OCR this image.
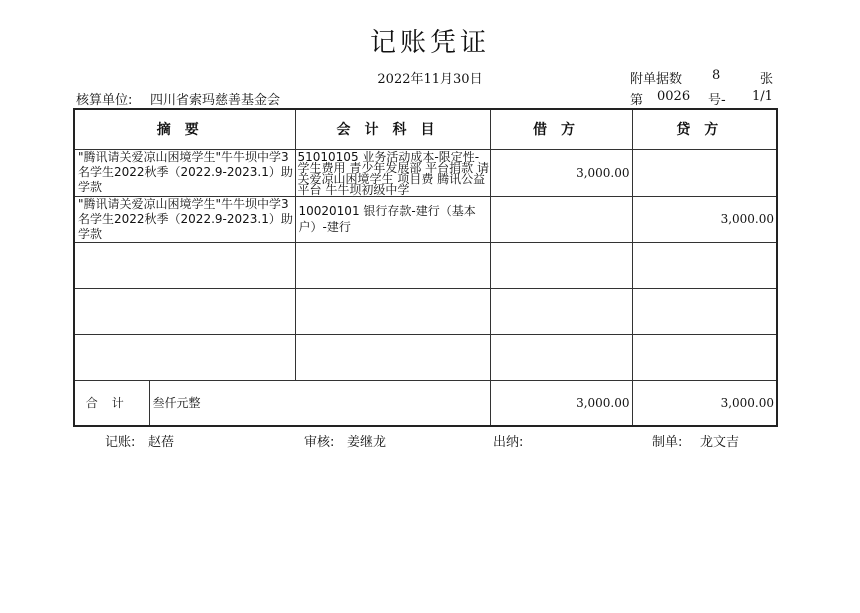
记账凭证
2022年11月30日	附单据数 8	张
核算单位: 四川省索玛慈善基金会	第 0026 号- 1/1
摘要		会计科目	借方	贷方
"腾讯请关爱凉山困境学生"牛牛坝中学3名学生2022秋季（2022.9-2023.1）助学款		51010105 业务活动成本-限定性-学生费用 青少年发展部 平台捐款 请关爱凉山困境学生 项目费 腾讯公益平台 牛牛坝初级中学	3,000.00	
"腾讯请关爱凉山困境学生"牛牛坝中学3名学生2022秋季（2022.9-2023.1）助学款		10020101 银行存款-建行（基本户）-建行		3,000.00

合计	叁仟元整		3,000.00	3,000.00
记账: 赵蓓	审核: 姜继龙	出纳:	制单: 龙文吉
